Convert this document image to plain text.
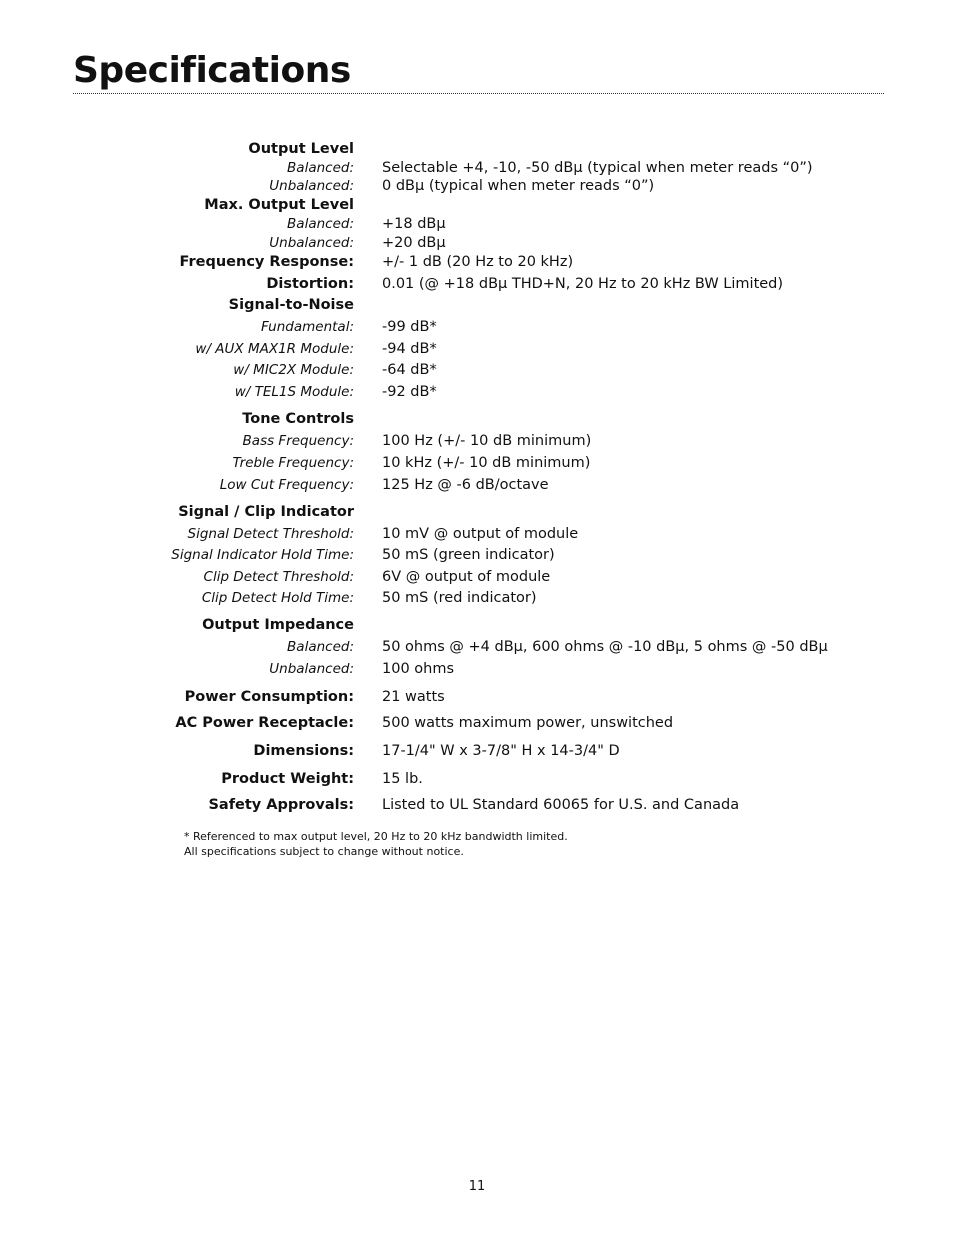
Specifications
Output Level
Balanced: Selectable +4, -10, -50 dBµ (typical when meter reads “0”)
Unbalanced: 0 dBµ (typical when meter reads “0”)
Max. Output Level
Balanced: +18 dBµ
Unbalanced: +20 dBµ
Frequency Response: +/- 1 dB (20 Hz to 20 kHz)
Distortion: 0.01 (@ +18 dBµ THD+N, 20 Hz to 20 kHz BW Limited)
Signal-to-Noise
Fundamental: -99 dB*
w/ AUX MAX1R Module: -94 dB*
w/ MIC2X Module: -64 dB*
w/ TEL1S Module: -92 dB*
Tone Controls
Bass Frequency: 100 Hz (+/- 10 dB minimum)
Treble Frequency: 10 kHz (+/- 10 dB minimum)
Low Cut Frequency: 125 Hz @ -6 dB/octave
Signal / Clip Indicator
Signal Detect Threshold: 10 mV @ output of module
Signal Indicator Hold Time: 50 mS (green indicator)
Clip Detect Threshold: 6V @ output of module
Clip Detect Hold Time: 50 mS (red indicator)
Output Impedance
Balanced: 50 ohms @ +4 dBµ, 600 ohms @ -10 dBµ, 5 ohms @ -50 dBµ
Unbalanced: 100 ohms
Power Consumption: 21 watts
AC Power Receptacle: 500 watts maximum power, unswitched
Dimensions: 17-1/4" W x 3-7/8" H x 14-3/4" D
Product Weight: 15 lb.
Safety Approvals: Listed to UL Standard 60065 for U.S. and Canada
* Referenced to max output level, 20 Hz to 20 kHz bandwidth limited.
All specifications subject to change without notice.
11
